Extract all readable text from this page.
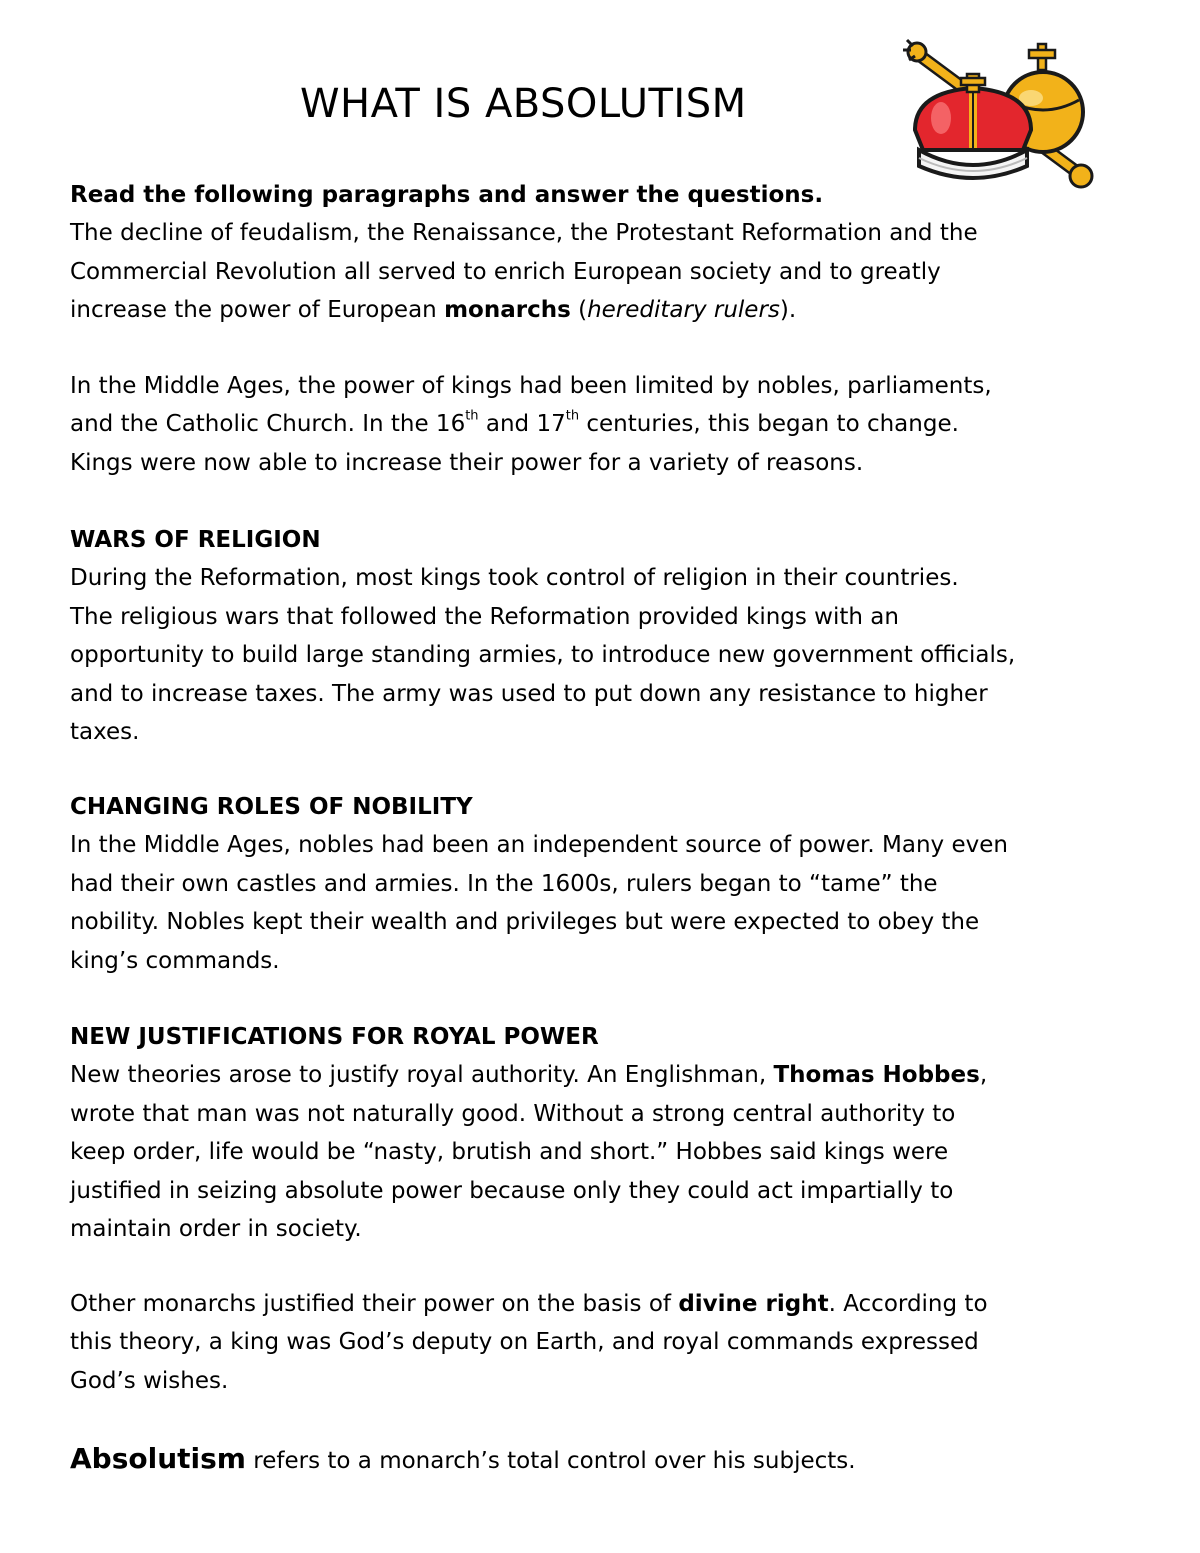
WHAT IS ABSOLUTISM
Read the following paragraphs and answer the questions.
The decline of feudalism, the Renaissance, the Protestant Reformation and the
Commercial Revolution all served to enrich European society and to greatly
increase the power of European monarchs (hereditary rulers).
In the Middle Ages, the power of kings had been limited by nobles, parliaments,
and the Catholic Church. In the 16th and 17th centuries, this began to change.
Kings were now able to increase their power for a variety of reasons.
WARS OF RELIGION
During the Reformation, most kings took control of religion in their countries.
The religious wars that followed the Reformation provided kings with an
opportunity to build large standing armies, to introduce new government officials,
and to increase taxes. The army was used to put down any resistance to higher
taxes.
CHANGING ROLES OF NOBILITY
In the Middle Ages, nobles had been an independent source of power. Many even
had their own castles and armies. In the 1600s, rulers began to “tame” the
nobility. Nobles kept their wealth and privileges but were expected to obey the
king’s commands.
NEW JUSTIFICATIONS FOR ROYAL POWER
New theories arose to justify royal authority. An Englishman, Thomas Hobbes,
wrote that man was not naturally good. Without a strong central authority to
keep order, life would be “nasty, brutish and short.” Hobbes said kings were
justified in seizing absolute power because only they could act impartially to
maintain order in society.
Other monarchs justified their power on the basis of divine right. According to
this theory, a king was God’s deputy on Earth, and royal commands expressed
God’s wishes.
Absolutism refers to a monarch’s total control over his subjects.
